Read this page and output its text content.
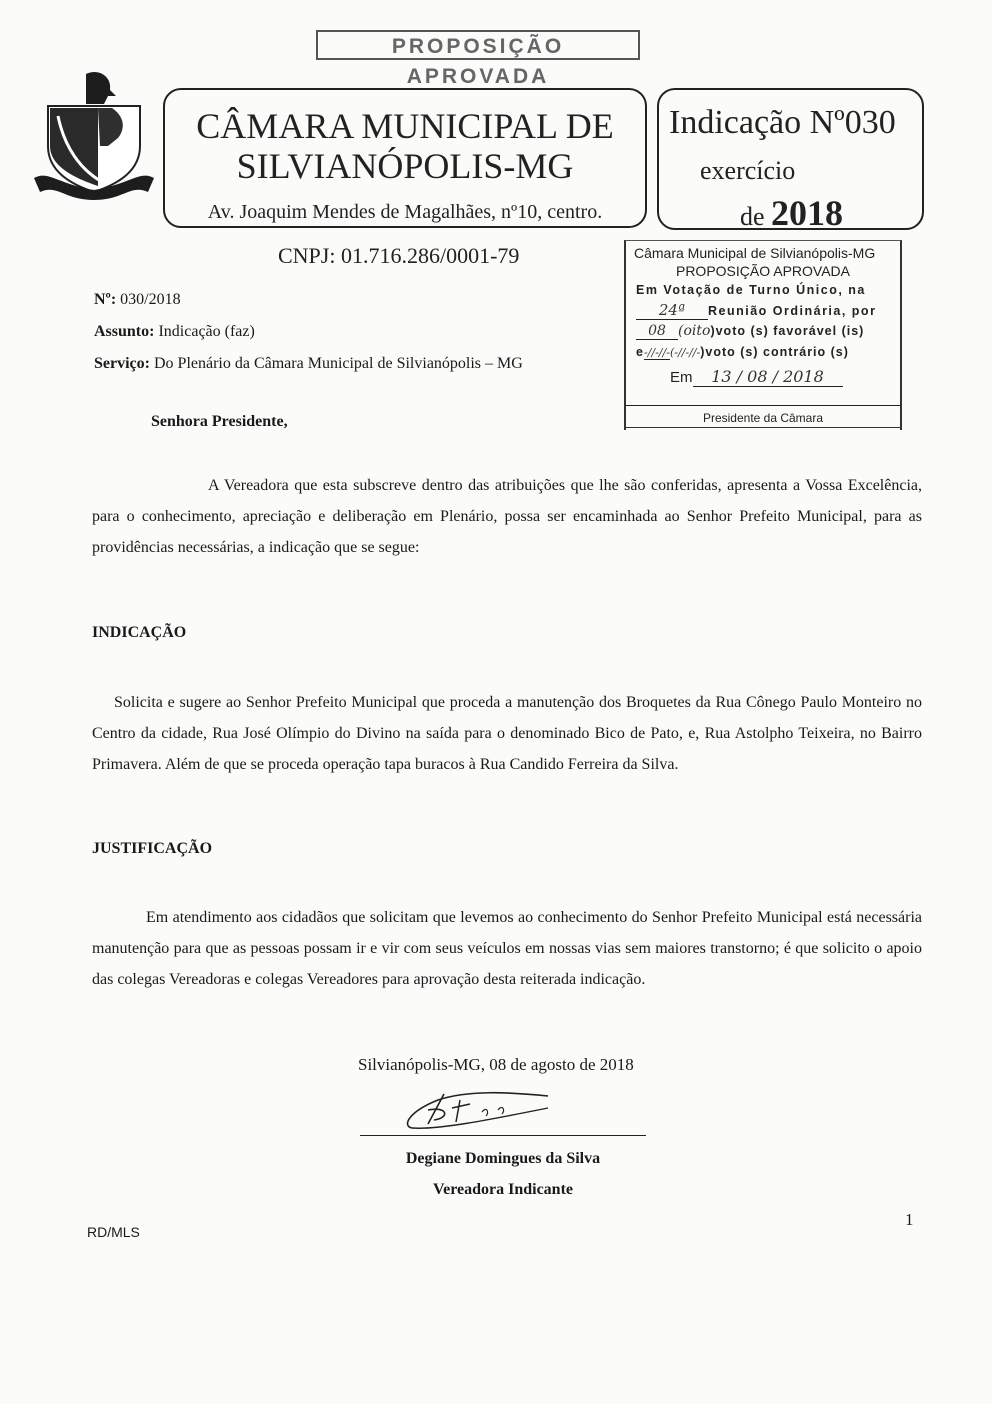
PROPOSIÇÃO APROVADA
CÂMARA MUNICIPAL DE
SILVIANÓPOLIS-MG
Av. Joaquim Mendes de Magalhães, nº10, centro.
Indicação Nº030
exercício
de 2018
CNPJ: 01.716.286/0001-79	Câmara Municipal de Silvianópolis-MG
PROPOSIÇÃO APROVADA
Em Votação de Turno Único, na
24ª Reunião Ordinária, por
08 (oito)voto (s) favorável (is)
e-//-//-(-//-//-)voto (s) contrário (s)
Em 13 / 08 / 2018
Presidente da Câmara
Nº: 030/2018
Assunto: Indicação (faz)
Serviço: Do Plenário da Câmara Municipal de Silvianópolis – MG
Senhora Presidente,
A Vereadora que esta subscreve dentro das atribuições que lhe são conferidas, apresenta a Vossa Excelência, para o conhecimento, apreciação e deliberação em Plenário, possa ser encaminhada ao Senhor Prefeito Municipal, para as providências necessárias, a indicação que se segue:
INDICAÇÃO
Solicita e sugere ao Senhor Prefeito Municipal que proceda a manutenção dos Broquetes da Rua Cônego Paulo Monteiro no Centro da cidade, Rua José Olímpio do Divino na saída para o denominado Bico de Pato, e, Rua Astolpho Teixeira, no Bairro Primavera. Além de que se proceda operação tapa buracos à Rua Candido Ferreira da Silva.
JUSTIFICAÇÃO
Em atendimento aos cidadãos que solicitam que levemos ao conhecimento do Senhor Prefeito Municipal está necessária manutenção para que as pessoas possam ir e vir com seus veículos em nossas vias sem maiores transtorno; é que solicito o apoio das colegas Vereadoras e colegas Vereadores para aprovação desta reiterada indicação.
Silvianópolis-MG, 08 de agosto de 2018
Degiane Domingues da Silva
Vereadora Indicante
RD/MLS
1
